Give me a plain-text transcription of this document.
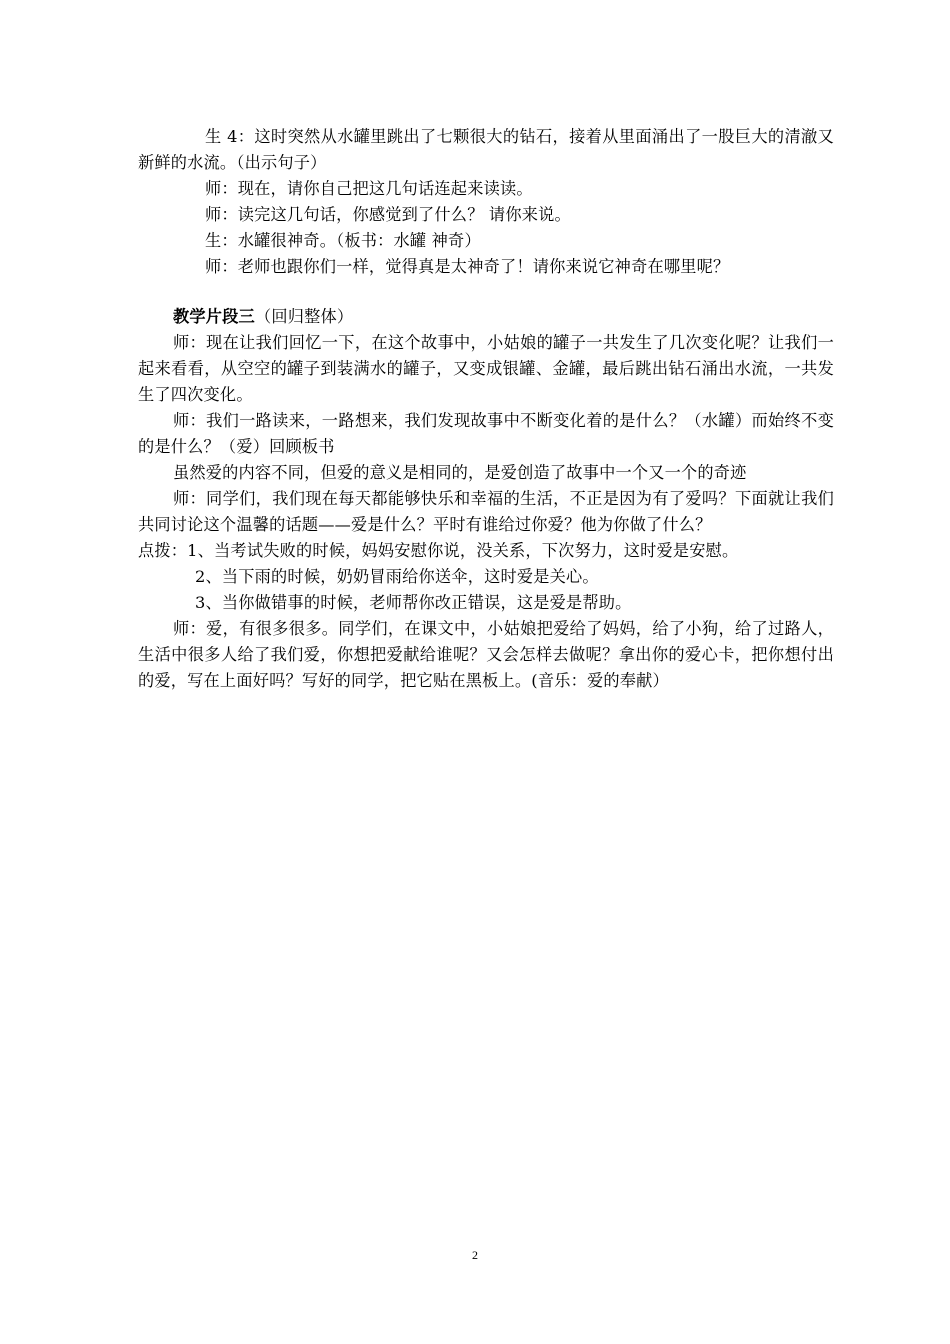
生 4：这时突然从水罐里跳出了七颗很大的钻石，接着从里面涌出了一股巨大的清澈又新鲜的水流。（出示句子）

师：现在，请你自己把这几句话连起来读读。

师：读完这几句话，你感觉到了什么？ 请你来说。

生：水罐很神奇。（板书：水罐 神奇）

师：老师也跟你们一样，觉得真是太神奇了！请你来说它神奇在哪里呢？

教学片段三（回归整体）

师：现在让我们回忆一下，在这个故事中，小姑娘的罐子一共发生了几次变化呢？让我们一起来看看，从空空的罐子到装满水的罐子，又变成银罐、金罐，最后跳出钻石涌出水流，一共发生了四次变化。

师：我们一路读来，一路想来，我们发现故事中不断变化着的是什么？（水罐）而始终不变的是什么？（爱）回顾板书

虽然爱的内容不同，但爱的意义是相同的，是爱创造了故事中一个又一个的奇迹

师：同学们，我们现在每天都能够快乐和幸福的生活，不正是因为有了爱吗？下面就让我们共同讨论这个温馨的话题——爱是什么？平时有谁给过你爱？他为你做了什么？

点拨：1、当考试失败的时候，妈妈安慰你说，没关系，下次努力，这时爱是安慰。

2、当下雨的时候，奶奶冒雨给你送伞，这时爱是关心。

3、当你做错事的时候，老师帮你改正错误，这是爱是帮助。

师：爱，有很多很多。同学们，在课文中，小姑娘把爱给了妈妈，给了小狗，给了过路人，生活中很多人给了我们爱，你想把爱献给谁呢？又会怎样去做呢？拿出你的爱心卡，把你想付出的爱，写在上面好吗？写好的同学，把它贴在黑板上。(音乐：爱的奉献）

2
